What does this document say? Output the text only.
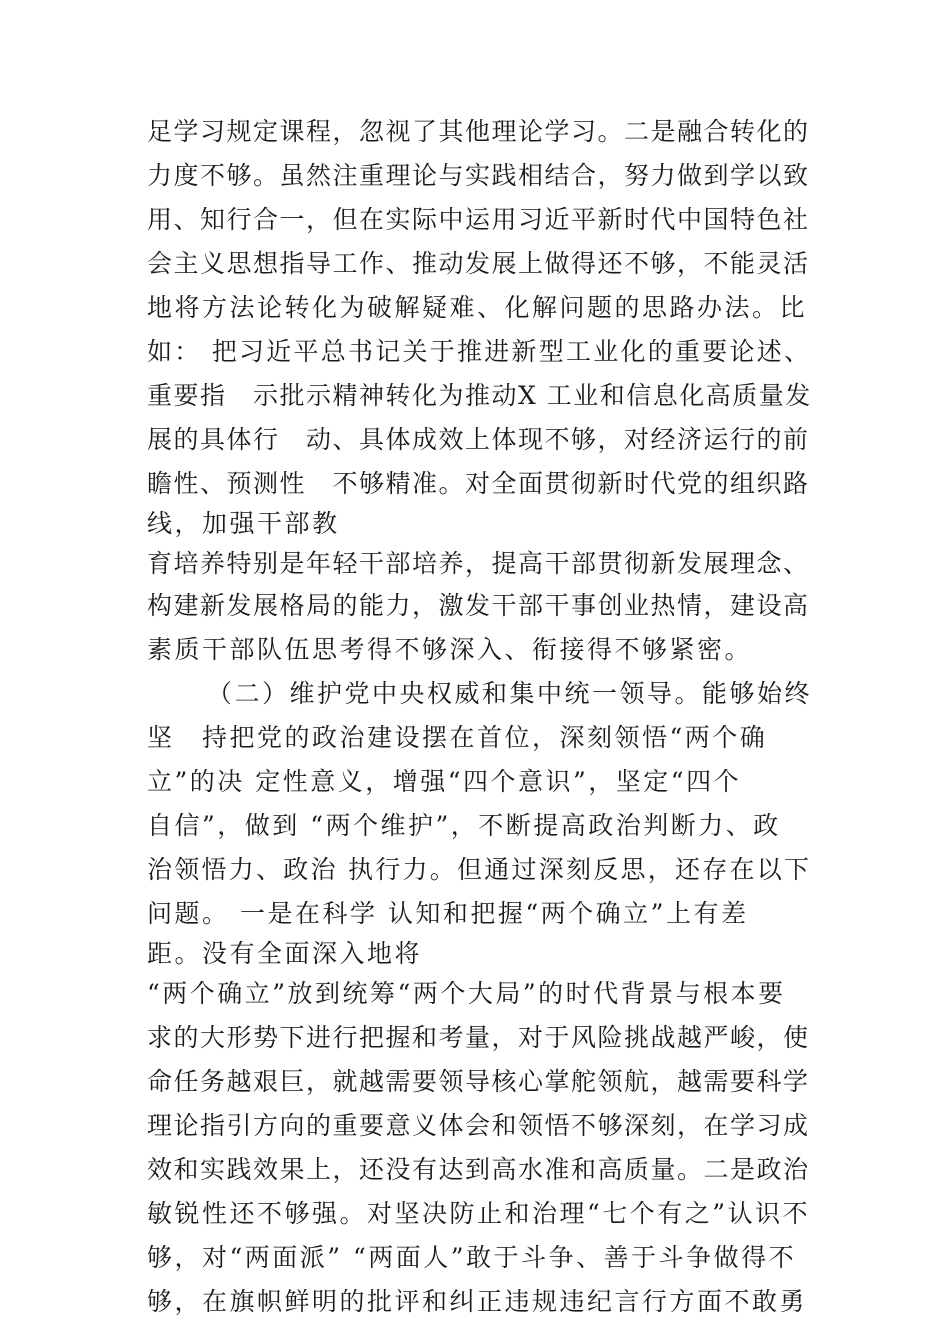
足学习规定课程，忽视了其他理论学习。二是融合转化的

力度不够。虽然注重理论与实践相结合，努力做到学以致

用、知行合一，但在实际中运用习近平新时代中国特色社

会主义思想指导工作、推动发展上做得还不够，不能灵活

地将方法论转化为破解疑难、化解问题的思路办法。比

如： 把习近平总书记关于推进新型工业化的重要论述、

重要指　示批示精神转化为推动X 工业和信息化高质量发

展的具体行　动、具体成效上体现不够，对经济运行的前

瞻性、预测性　不够精准。对全面贯彻新时代党的组织路

线，加强干部教

育培养特别是年轻干部培养，提高干部贯彻新发展理念、

构建新发展格局的能力，激发干部干事创业热情，建设高

素质干部队伍思考得不够深入、衔接得不够紧密。

（二）维护党中央权威和集中统一领导。能够始终

坚　持把党的政治建设摆在首位，深刻领悟“两个确

立”的决 定性意义，增强“四个意识”，坚定“四个

自信”，做到 “两个维护”，不断提高政治判断力、政

治领悟力、政治 执行力。但通过深刻反思，还存在以下

问题。 一是在科学 认知和把握“两个确立”上有差

距。没有全面深入地将

“两个确立”放到统筹“两个大局”的时代背景与根本要

求的大形势下进行把握和考量，对于风险挑战越严峻，使

命任务越艰巨，就越需要领导核心掌舵领航，越需要科学

理论指引方向的重要意义体会和领悟不够深刻，在学习成

效和实践效果上，还没有达到高水准和高质量。二是政治

敏锐性还不够强。对坚决防止和治理“七个有之”认识不

够，对“两面派” “两面人”敢于斗争、善于斗争做得不

够，在旗帜鲜明的批评和纠正违规违纪言行方面不敢勇
